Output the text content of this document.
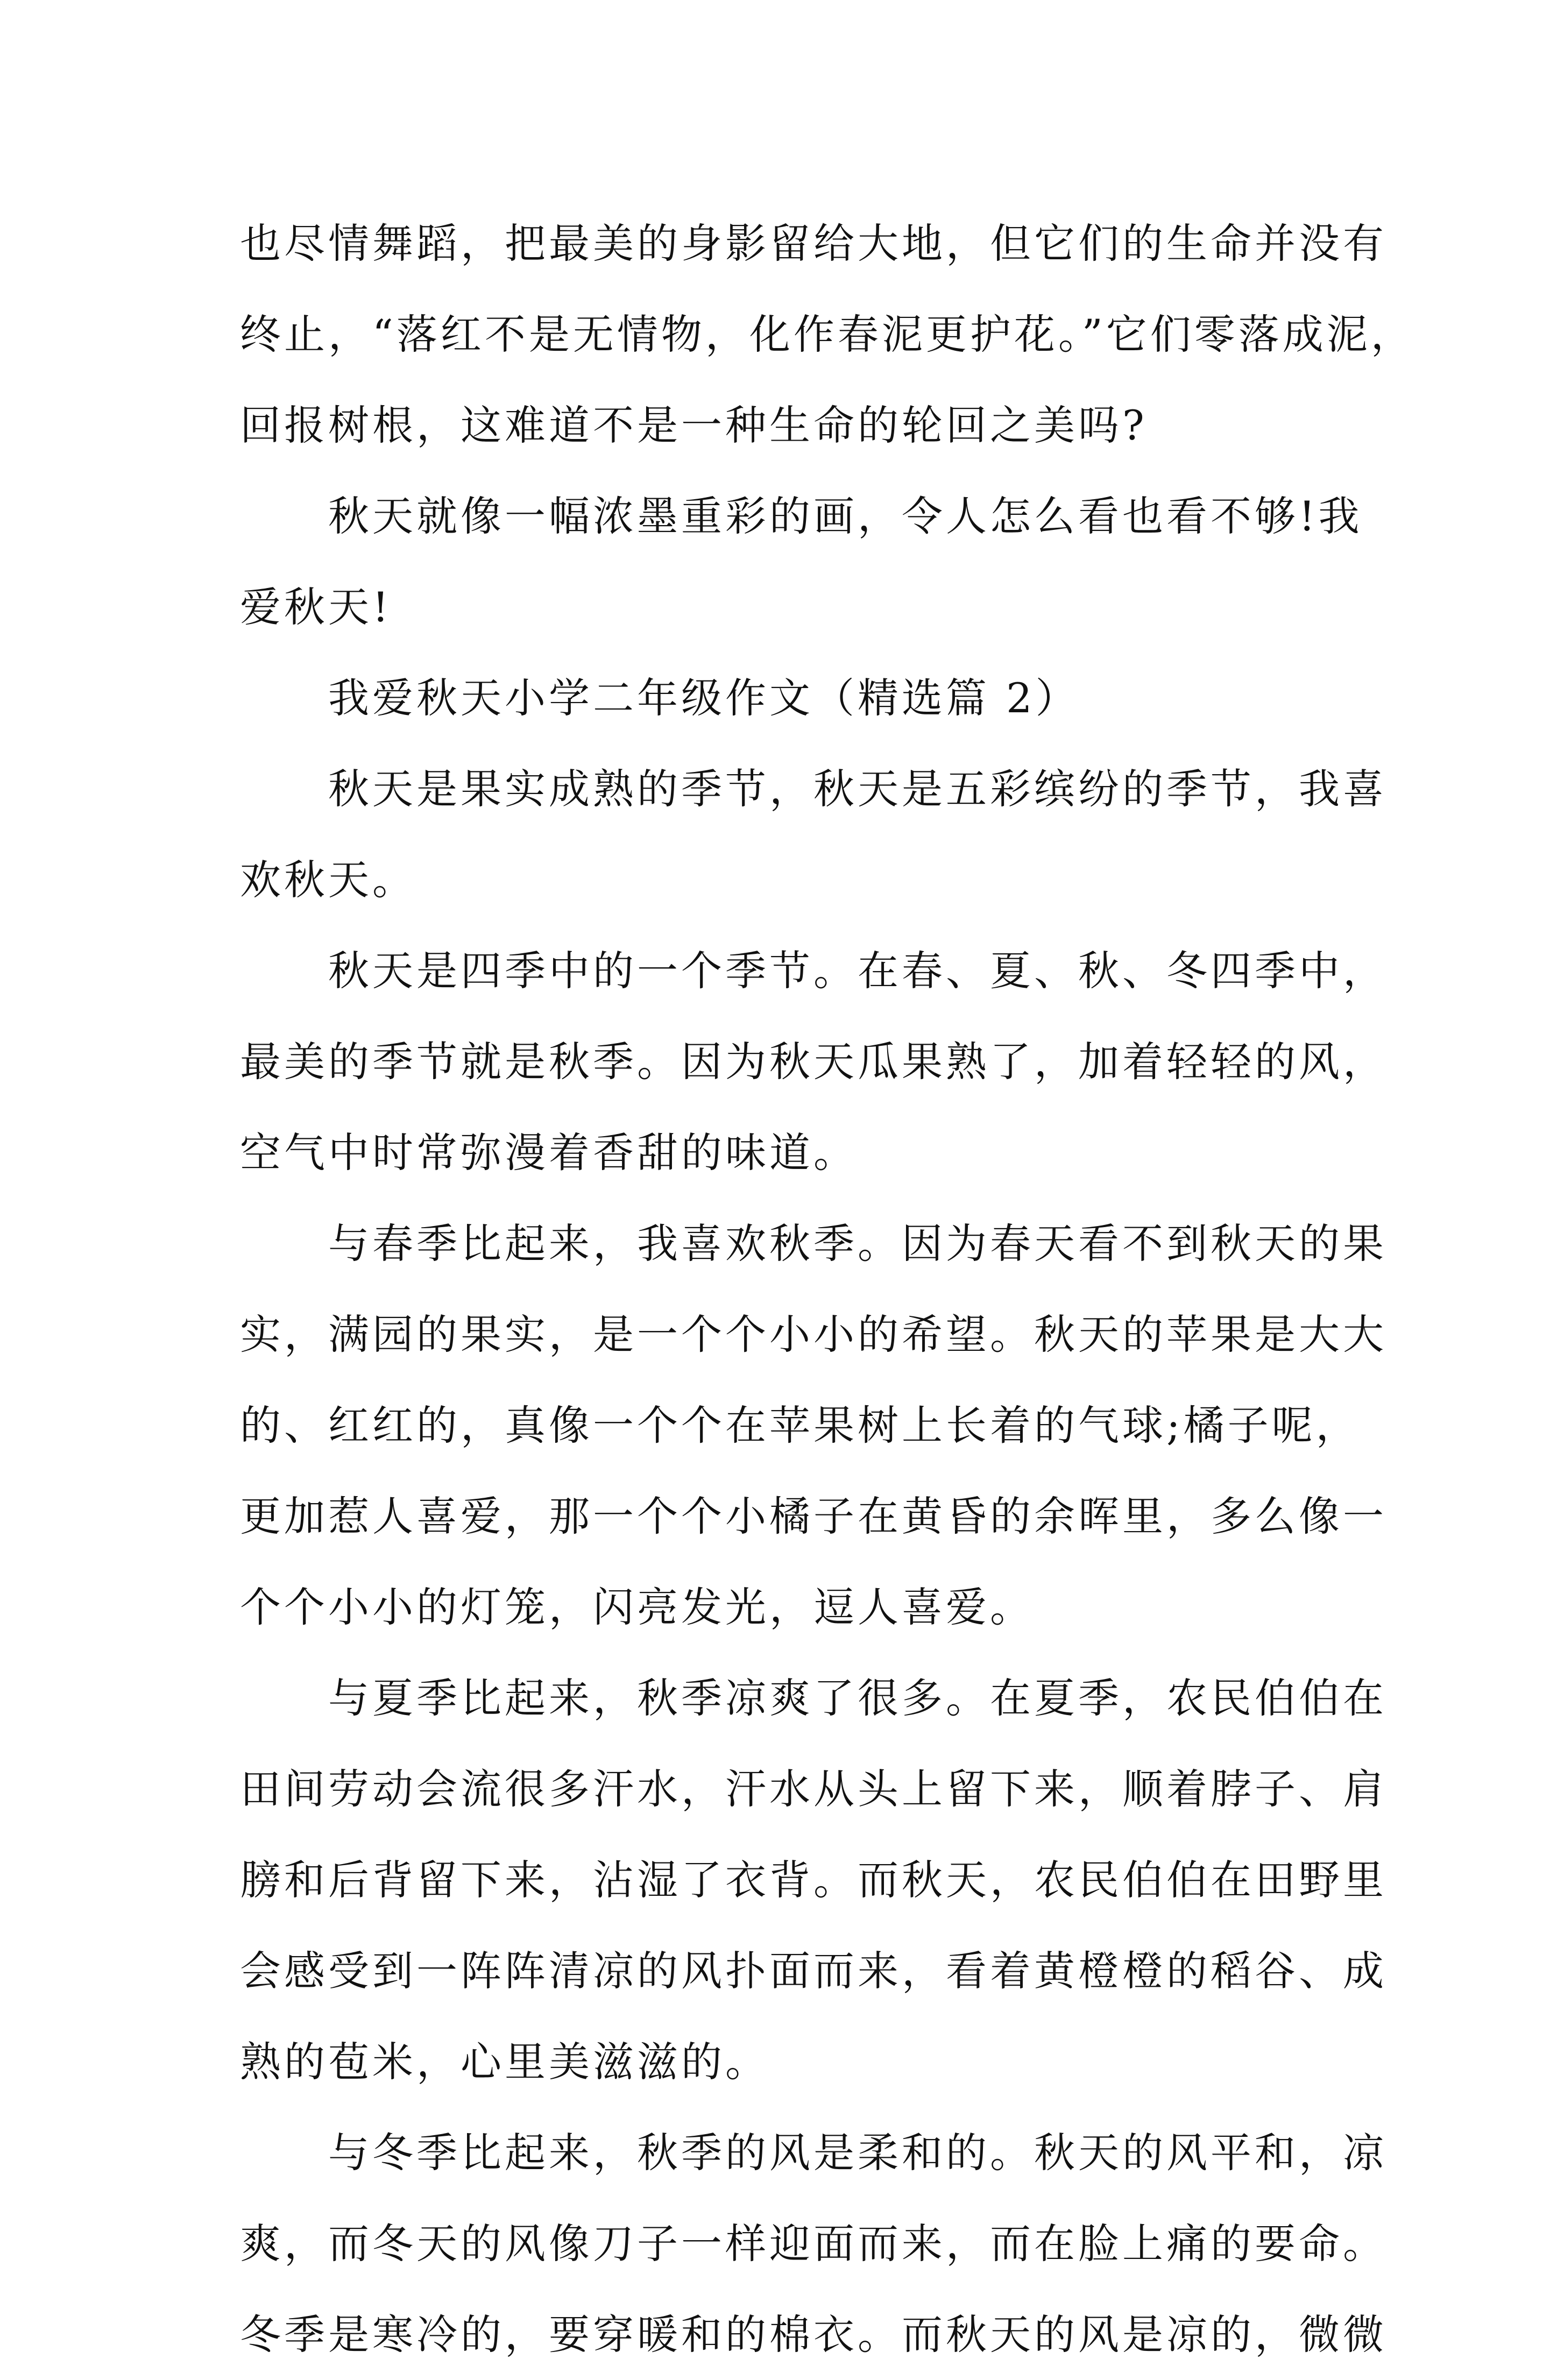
也尽情舞蹈，把最美的身影留给大地，但它们的生命并没有
终止，“落红不是无情物，化作春泥更护花。”它们零落成泥，
回报树根，这难道不是一种生命的轮回之美吗?
秋天就像一幅浓墨重彩的画，令人怎么看也看不够!我
爱秋天!
我爱秋天小学二年级作文（精选篇 2）
秋天是果实成熟的季节，秋天是五彩缤纷的季节，我喜
欢秋天。
秋天是四季中的一个季节。在春、夏、秋、冬四季中，
最美的季节就是秋季。因为秋天瓜果熟了，加着轻轻的风，
空气中时常弥漫着香甜的味道。
与春季比起来，我喜欢秋季。因为春天看不到秋天的果
实，满园的果实，是一个个小小的希望。秋天的苹果是大大
的、红红的，真像一个个在苹果树上长着的气球;橘子呢，
更加惹人喜爱，那一个个小橘子在黄昏的余晖里，多么像一
个个小小的灯笼，闪亮发光，逗人喜爱。
与夏季比起来，秋季凉爽了很多。在夏季，农民伯伯在
田间劳动会流很多汗水，汗水从头上留下来，顺着脖子、肩
膀和后背留下来，沾湿了衣背。而秋天，农民伯伯在田野里
会感受到一阵阵清凉的风扑面而来，看着黄橙橙的稻谷、成
熟的苞米，心里美滋滋的。
与冬季比起来，秋季的风是柔和的。秋天的风平和，凉
爽，而冬天的风像刀子一样迎面而来，而在脸上痛的要命。
冬季是寒冷的，要穿暖和的棉衣。而秋天的风是凉的，微微
